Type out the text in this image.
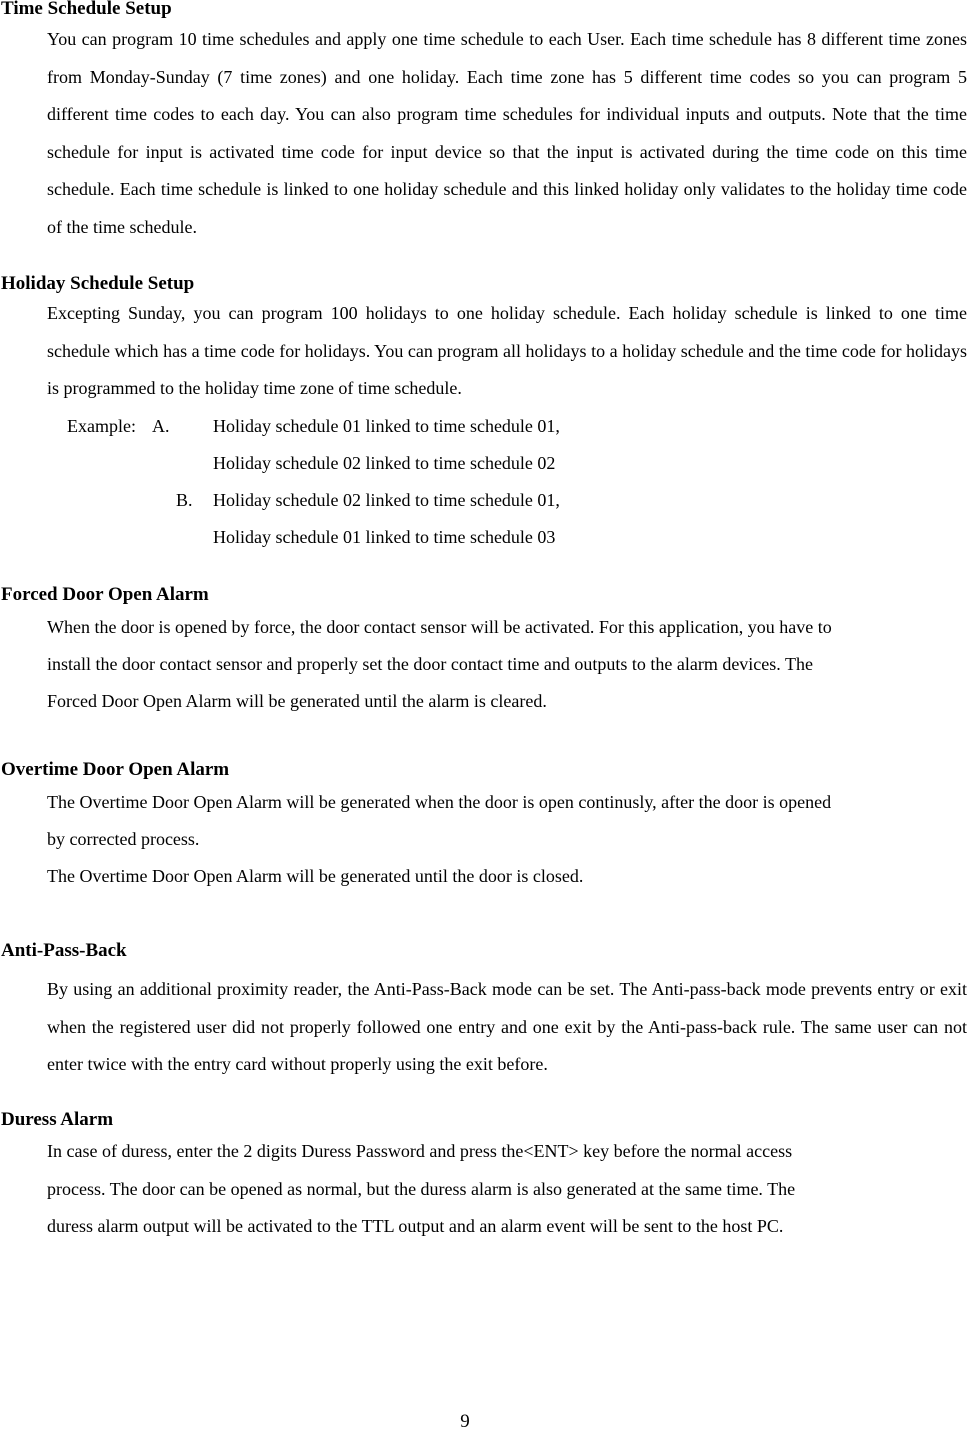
Time Schedule Setup

You can program 10 time schedules and apply one time schedule to each User. Each time schedule has 8 different time zones from Monday-Sunday (7 time zones) and one holiday. Each time zone has 5 different time codes so you can program 5 different time codes to each day. You can also program time schedules for individual inputs and outputs. Note that the time schedule for input is activated time code for input device so that the input is activated during the time code on this time schedule. Each time schedule is linked to one holiday schedule and this linked holiday only validates to the holiday time code of the time schedule.

Holiday Schedule Setup

Excepting Sunday, you can program 100 holidays to one holiday schedule. Each holiday schedule is linked to one time schedule which has a time code for holidays. You can program all holidays to a holiday schedule and the time code for holidays is programmed to the holiday time zone of time schedule.

Example: A. Holiday schedule 01 linked to time schedule 01,
Holiday schedule 02 linked to time schedule 02
B. Holiday schedule 02 linked to time schedule 01,
Holiday schedule 01 linked to time schedule 03
Forced Door Open Alarm

When the door is opened by force, the door contact sensor will be activated. For this application, you have to

install the door contact sensor and properly set the door contact time and outputs to the alarm devices. The

Forced Door Open Alarm will be generated until the alarm is cleared.

Overtime Door Open Alarm

The Overtime Door Open Alarm will be generated when the door is open continusly, after the door is opened

by corrected process.

The Overtime Door Open Alarm will be generated until the door is closed.

Anti-Pass-Back

By using an additional proximity reader, the Anti-Pass-Back mode can be set. The Anti-pass-back mode prevents entry or exit when the registered user did not properly followed one entry and one exit by the Anti-pass-back rule. The same user can not enter twice with the entry card without properly using the exit before.

Duress Alarm

In case of duress, enter the 2 digits Duress Password and press the<ENT> key before the normal access

process. The door can be opened as normal, but the duress alarm is also generated at the same time. The

duress alarm output will be activated to the TTL output and an alarm event will be sent to the host PC.

9
